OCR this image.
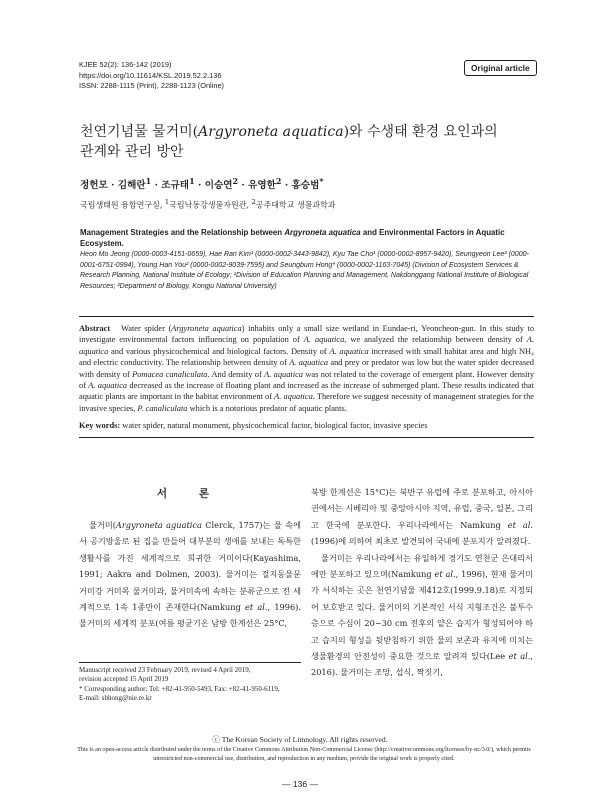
KJEE 52(2): 136-142 (2019)
https://doi.org/10.11614/KSL.2019.52.2.136
ISSN: 2288-1115 (Print), 2288-1123 (Online)
Original article
천연기념물 물거미(Argyroneta aquatica)와 수생태 환경 요인과의
관계와 관리 방안
정헌모 · 김해란$^1$ · 조규태$^1$ · 이승연$^2$ · 유영한$^2$ · 홍승범*
국립생태원 융합연구실, $^1$국립낙동강생물자원관, $^2$공주대학교 생물과학과
Management Strategies and the Relationship between Argyroneta aquatica and Environmental Factors in Aquatic Ecosystem.
Heon Mo Jeong (0000-0003-4151-0659), Hae Ran Kim¹ (0000-0002-3443-9842), Kyu Tae Cho¹ (0000-0002-8957-9420), Seungyeon Lee² (0000-0001-6751-0994), Young Han You² (0000-0002-9039-7595) and Seungbum Hong* (0000-0002-1163-7045) (Division of Ecosystem Services & Research Planning, National Institute of Ecology; ¹Division of Education Planning and Management, Nakdonggang National Institute of Biological Resources; ²Department of Biology, Kongju National University)
Abstract Water spider (Argyroneta aquatica) inhabits only a small size wetland in Eundae-ri, Yeoncheon-gun. In this study to investigate environmental factors influencing on population of A. aquatica, we analyzed the relationship between density of A. aquatica and various physicochemical and biological factors. Density of A. aquatica increased with small habitat area and high NH₄ and electric conductivity. The relationship between density of A. aquatica and prey or predator was low but the water spider decreased with density of Pomacea canaliculata. And density of A. aquatica was not related to the coverage of emergent plant. However density of A. aquatica decreased as the increase of floating plant and increased as the increase of submerged plant. These results indicated that aquatic plants are important in the habitat environment of A. aquatica. Therefore we suggest necessity of management strategies for the invasive species, P. canaliculata which is a notorious predator of aquatic plants.
Key words: water spider, natural monument, physicochemical factor, biological factor, invasive species
서 론

물거미(Argyroneta aguatica Clerck, 1757)는 물 속에서 공기방울로 된 집을 만들어 대부분의 생애를 보내는 독특한 생활사를 가진 세계적으로 희귀한 거미이다(Kayashima, 1991; Aakra and Dolmen, 2003). 물거미는 절지동물문 거미강 거미목 물거미과, 물거미속에 속하는 분류군으로 전 세계적으로 1속 1종만이 존재한다(Namkung et al., 1996). 물거미의 세계적 분포(여름 평균기온 남방 한계선은 25°C,

북방 한계선은 15°C)는 북반구 유럽에 주로 분포하고, 아시아권에서는 시베리아 및 중앙아시아 지역, 유럽, 중국, 일본, 그리고 한국에 분포한다. 우리나라에서는 Namkung et al. (1996)에 의하여 최초로 발견되어 국내에 분포지가 알려졌다.

물거미는 우리나라에서는 유일하게 경기도 연천군 은대리서에만 분포하고 있으며(Namkung et al., 1996), 현재 물거미가 서식하는 곳은 천연기념물 제412호(1999.9.18)로 지정되어 보호받고 있다. 물거미의 기본적인 서식 지형조건은 불투수층으로 수심이 20~30 cm 전후의 얕은 습지가 형성되어야 하고 습지의 형성을 뒷받침하기 위한 물의 보존과 유지에 미치는 생물환경의 안전성이 중요한 것으로 알려져 있다(Lee et al., 2016). 물거미는 조망, 섭식, 짝짓기,

Manuscript received 23 February 2019, revised 4 April 2019,
revision accepted 15 April 2019
* Corresponding author: Tel: +82-41-950-5493, Fax: +82-41-950-6119,
E-mail: sbhong@nie.re.kr
ⓒ The Korean Society of Limnology. All rights reserved.
This is an open-access article distributed under the terms of the Creative Commons Attribution Non-Commercial License (http://creativecommons.org/licenses/by-nc/3.0/), which permits unrestricted non-commercial use, distribution, and reproduction in any medium, provide the original work is properly cited.
— 136 —
